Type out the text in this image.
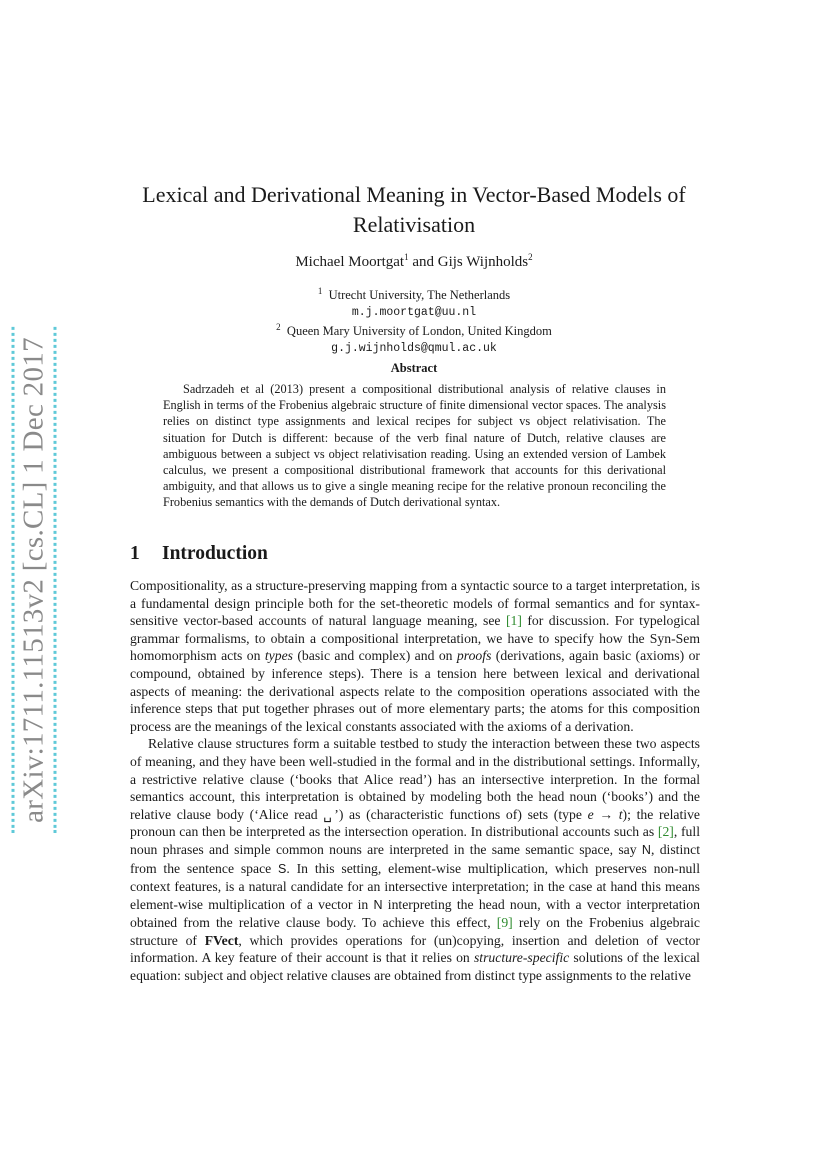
arXiv:1711.11513v2 [cs.CL] 1 Dec 2017
Lexical and Derivational Meaning in Vector-Based Models of Relativisation
Michael Moortgat$^1$ and Gijs Wijnholds$^2$
$^1$ Utrecht University, The Netherlands
m.j.moortgat@uu.nl
$^2$ Queen Mary University of London, United Kingdom
g.j.wijnholds@qmul.ac.uk
Abstract

Sadrzadeh et al (2013) present a compositional distributional analysis of relative clauses in English in terms of the Frobenius algebraic structure of finite dimensional vector spaces. The analysis relies on distinct type assignments and lexical recipes for subject vs object relativisation. The situation for Dutch is different: because of the verb final nature of Dutch, relative clauses are ambiguous between a subject vs object relativisation reading. Using an extended version of Lambek calculus, we present a compositional distributional framework that accounts for this derivational ambiguity, and that allows us to give a single meaning recipe for the relative pronoun reconciling the Frobenius semantics with the demands of Dutch derivational syntax.

1 Introduction

Compositionality, as a structure-preserving mapping from a syntactic source to a target interpretation, is a fundamental design principle both for the set-theoretic models of formal semantics and for syntax-sensitive vector-based accounts of natural language meaning, see [1] for discussion. For typelogical grammar formalisms, to obtain a compositional interpretation, we have to specify how the Syn-Sem homomorphism acts on types (basic and complex) and on proofs (derivations, again basic (axioms) or compound, obtained by inference steps). There is a tension here between lexical and derivational aspects of meaning: the derivational aspects relate to the composition operations associated with the inference steps that put together phrases out of more elementary parts; the atoms for this composition process are the meanings of the lexical constants associated with the axioms of a derivation.

Relative clause structures form a suitable testbed to study the interaction between these two aspects of meaning, and they have been well-studied in the formal and in the distributional settings. Informally, a restrictive relative clause (‘books that Alice read’) has an intersective interpretion. In the formal semantics account, this interpretation is obtained by modeling both the head noun (‘books’) and the relative clause body (‘Alice read ␣’) as (characteristic functions of) sets (type e → t); the relative pronoun can then be interpreted as the intersection operation. In distributional accounts such as [2], full noun phrases and simple common nouns are interpreted in the same semantic space, say N, distinct from the sentence space S. In this setting, element-wise multiplication, which preserves non-null context features, is a natural candidate for an intersective interpretation; in the case at hand this means element-wise multiplication of a vector in N interpreting the head noun, with a vector interpretation obtained from the relative clause body. To achieve this effect, [9] rely on the Frobenius algebraic structure of FVect, which provides operations for (un)copying, insertion and deletion of vector information. A key feature of their account is that it relies on structure-specific solutions of the lexical equation: subject and object relative clauses are obtained from distinct type assignments to the relative
